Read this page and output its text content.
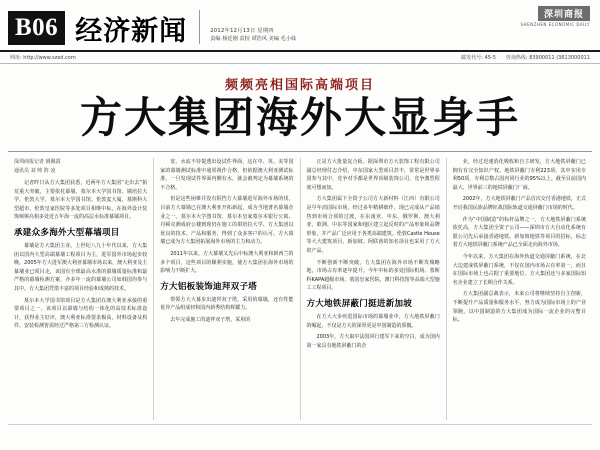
B06 经济新闻	2012年12月13日 星期四
责编 杨廷刚 责校 谭浩风 美编 毛小妹
深圳商报
SHENZHEN ECONOMIC DAILY
网址: http://www.szed.com	邮发代号: 45-5 咨询热线: 83900011 (3613000011
频频亮相国际高端项目
方大集团海外大显身手
深圳商报记者 姚佩霞
通讯员 刘 帅 阵 凌

记者昨日从方大集团获悉，近两年方大集团“走出去”拓荒重大突破，主要依托幕墙、墓尔本大学国书馆、墙培拉大学、伦敦大学、墓尔本大学国书馆、伦敦麦大厦、墓斯科大型超市、伦敦皇家医院等多处项目相继中标，在海外设计装饰频频亮相多处近五年海一流的高层水标准幕墙项目。

承建众多海外大型幕墙项目

幕墙是方大集团主业。上世纪八九十年代以来，方大集团以国内大型高端幕墙工程项目为主，进军国外市场起步较晚。2005年方大进军澳大利亚幕墙市场以来，澳大利亚及主幕墙业已项目走，该国有全球最高水准的幕墙质量标准和最严格的幕墙检测方案，齐多年一流的幕墙公司如韩国均参与其中。方大集团凭借丰富的项目经验和成熟的技术。

墓尔本大学国书馆项目是方大集团在澳大利亚承接的重要项目之一，该项目以幕墙与结构一体化的高技术标准设计，获得业主好评，澳大利亚标准要求极高，材料设备及构件、安装检测皆需经过严格第三方检测认证。

宽、水流不待提透出设试件界面，这在中、英、美等国家的幕墙测试标准中通常视作合格，但依据澳大利亚测试标准，一旦发现试件界面内侧有水，就会被判定为幕墙系统的不合格。

但是这些困难并没有阻挡方大幕墙进军海外市场的伐，目前方大幕墙已在澳大利亚开拓新起，成为当地著名幕墙企业之一。墓尔本大学图书馆、墓尔本皇家墓尔本银行公寓、丹顿克测成府公楼到现仍在施工的堪培拉大学、方大集团以优良的技术、产品和服务，得到了众多客户的认可。方大幕墙已成为方大集团拓展海外市场的主力和动力。

2011年以来，方大幕墙又先后中标澳大利亚和新西兰的多个项目，这些项目的顺利实施，使方大集团在海外市场的影响力不断扩大。

方大铝板装饰迪拜双子塔

带领方大大幕步出迪拜双子塔，采用的幕墙，还有性能优异产品组成材和国内新秀结构辉耀力。

去年完成施工的迪拜双子塔，采用的

正是方大批量复合板。据深圳市方大装饰工程有限公司副总经理付志介绍，中东国家大型项目甚丰，常常是世界多国参与其中，竞争对手都是世界顶级装饰公司，竞争激烈程度可想而知。

方大集团属下全资子公司方大新材料（江西）有限公司是早年消国际市场，经过多年精耕细作，现已完成从产品销售到市场合项的过渡，在东南亚、中东、俄罗斯、澳大利亚、欧洲、中东等国家和地区建立起反时的产品形象和品牌形象，并产品广泛应用于各类高端建筑。伦敦Castle House等大大建筑项目，新加坡、阿联酋的知名项目也采用了方大的产品。

不断创新不断突破，方大集团在海外市场不断攻城略地，市场占有率逐年提升。今年中标的多处国际机场、墓斯科KAPA超级市场、墓国皇家医院、澳门科技馆等高端大型施工工程项目。

方大地铁屏蔽门挺进新加坡

在方大大步疾进国际市场的幕墙业中，方大地铁屏蔽门的崛起，不仅是方大的深厚更是中国制造的骄傲。

2003年，方大取中法国同行建军下来的空白，成为国内第一家具有地铁屏蔽门的企

业，经过迅速消化吸收和自主研发，方大地铁屏蔽门已拥有有完全知识产权。地铁屏蔽门专利223项，其中实用专利50项，专利总数占国内同行业的95%以上。截至目前国内最大、世界前三的地铁屏蔽门厂商。

2002年，方大地铁屏蔽门产品首次交付香港地铁，正式开启我国民族品牌征战国际轨道交通屏蔽门市场的时代。

作为“中国制造”的标杆品牌之一，方大地铁屏蔽门系统依托高，方大集团全资子公司——深圳市方大自动化系统有限公司先后承接香港地铁、新加坡地铁等项目的招标，标志着方大地铁屏蔽门系统产品已全面走向海外市场。

今年以来，方大集团在海外轨道交通屏蔽门系统，在北大边建成铁屏蔽门系统，不仅在国内市场占有率第一，而且在国际市场上也占据了重要地位。方大集团还与多家国际知名企业建立了长期合作关系。

方大集团副总裁表示，未来公司将继续坚持自主创新，不断提升产品质量和服务水平，努力成为国际市场上的产业领跑，以中国制造的方大集团成为国际一流企业的完整目标。
